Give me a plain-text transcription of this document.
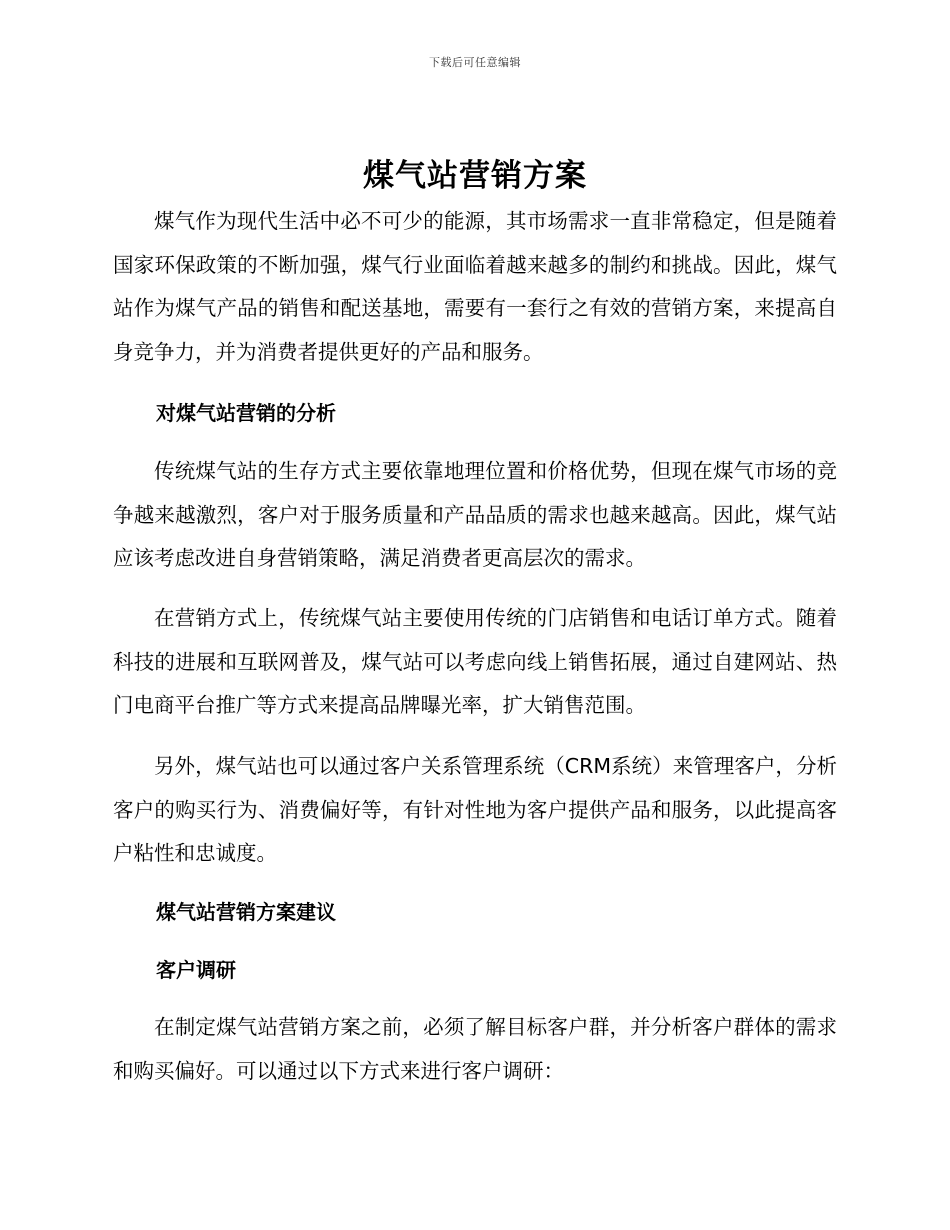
下载后可任意编辑
煤气站营销方案

煤气作为现代生活中必不可少的能源，其市场需求一直非常稳定，但是随着国家环保政策的不断加强，煤气行业面临着越来越多的制约和挑战。因此，煤气站作为煤气产品的销售和配送基地，需要有一套行之有效的营销方案，来提高自身竞争力，并为消费者提供更好的产品和服务。

对煤气站营销的分析

传统煤气站的生存方式主要依靠地理位置和价格优势，但现在煤气市场的竞争越来越激烈，客户对于服务质量和产品品质的需求也越来越高。因此，煤气站应该考虑改进自身营销策略，满足消费者更高层次的需求。

在营销方式上，传统煤气站主要使用传统的门店销售和电话订单方式。随着科技的进展和互联网普及，煤气站可以考虑向线上销售拓展，通过自建网站、热门电商平台推广等方式来提高品牌曝光率，扩大销售范围。

另外，煤气站也可以通过客户关系管理系统（CRM系统）来管理客户，分析客户的购买行为、消费偏好等，有针对性地为客户提供产品和服务，以此提高客户粘性和忠诚度。

煤气站营销方案建议

客户调研

在制定煤气站营销方案之前，必须了解目标客户群，并分析客户群体的需求和购买偏好。可以通过以下方式来进行客户调研：
